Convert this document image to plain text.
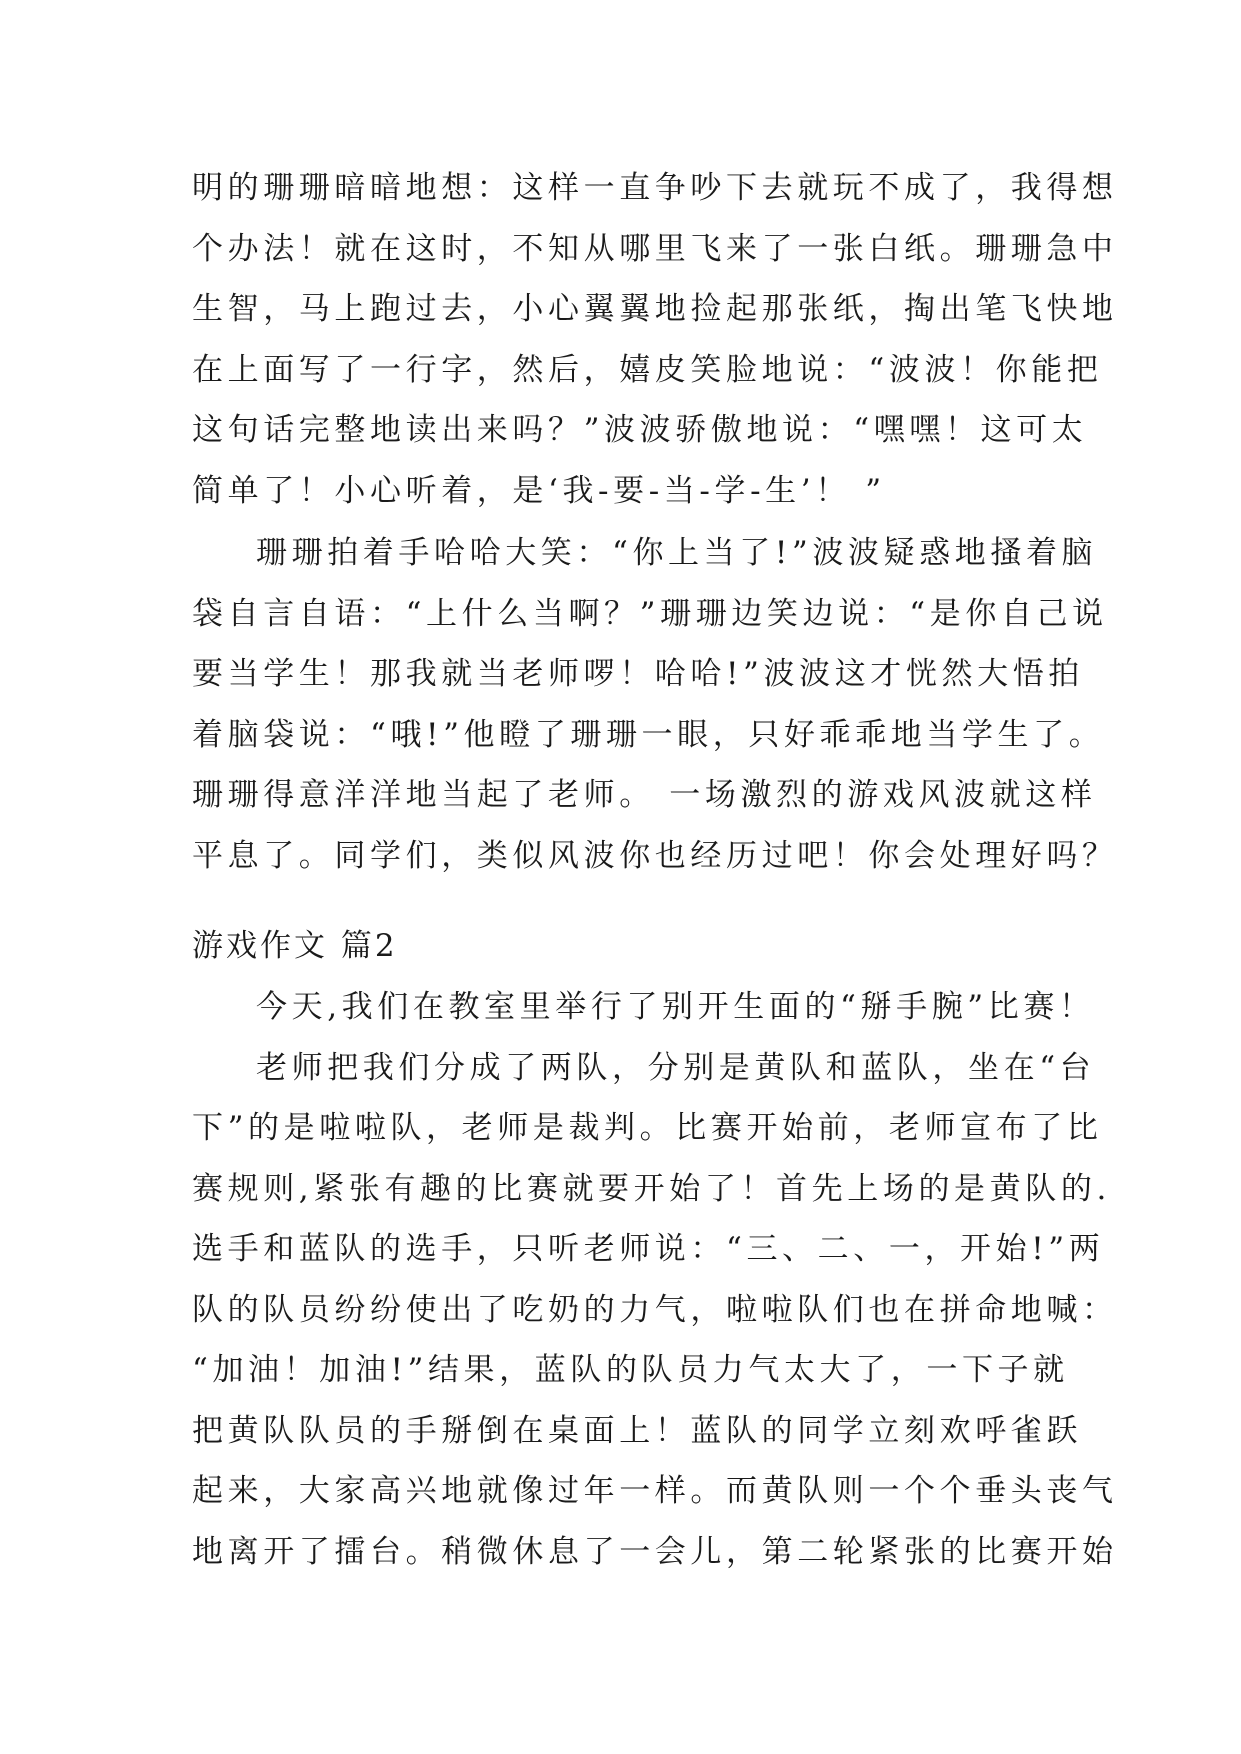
明的珊珊暗暗地想：这样一直争吵下去就玩不成了，我得想
个办法！就在这时，不知从哪里飞来了一张白纸。珊珊急中
生智，马上跑过去，小心翼翼地捡起那张纸，掏出笔飞快地
在上面写了一行字，然后，嬉皮笑脸地说：“波波！你能把
这句话完整地读出来吗？”波波骄傲地说：“嘿嘿！这可太
简单了！小心听着，是‘我-要-当-学-生’！ ”
珊珊拍着手哈哈大笑：“你上当了!”波波疑惑地搔着脑
袋自言自语：“上什么当啊？”珊珊边笑边说：“是你自己说
要当学生！那我就当老师啰！哈哈!”波波这才恍然大悟拍
着脑袋说：“哦!”他瞪了珊珊一眼，只好乖乖地当学生了。
珊珊得意洋洋地当起了老师。 一场激烈的游戏风波就这样
平息了。同学们，类似风波你也经历过吧！你会处理好吗？
游戏作文 篇2
今天,我们在教室里举行了别开生面的“掰手腕”比赛！
老师把我们分成了两队，分别是黄队和蓝队，坐在“台
下”的是啦啦队，老师是裁判。比赛开始前，老师宣布了比
赛规则,紧张有趣的比赛就要开始了！首先上场的是黄队的.
选手和蓝队的选手，只听老师说：“三、二、一，开始!”两
队的队员纷纷使出了吃奶的力气，啦啦队们也在拼命地喊：
“加油！加油!”结果，蓝队的队员力气太大了，一下子就
把黄队队员的手掰倒在桌面上！蓝队的同学立刻欢呼雀跃
起来，大家高兴地就像过年一样。而黄队则一个个垂头丧气
地离开了擂台。稍微休息了一会儿，第二轮紧张的比赛开始
